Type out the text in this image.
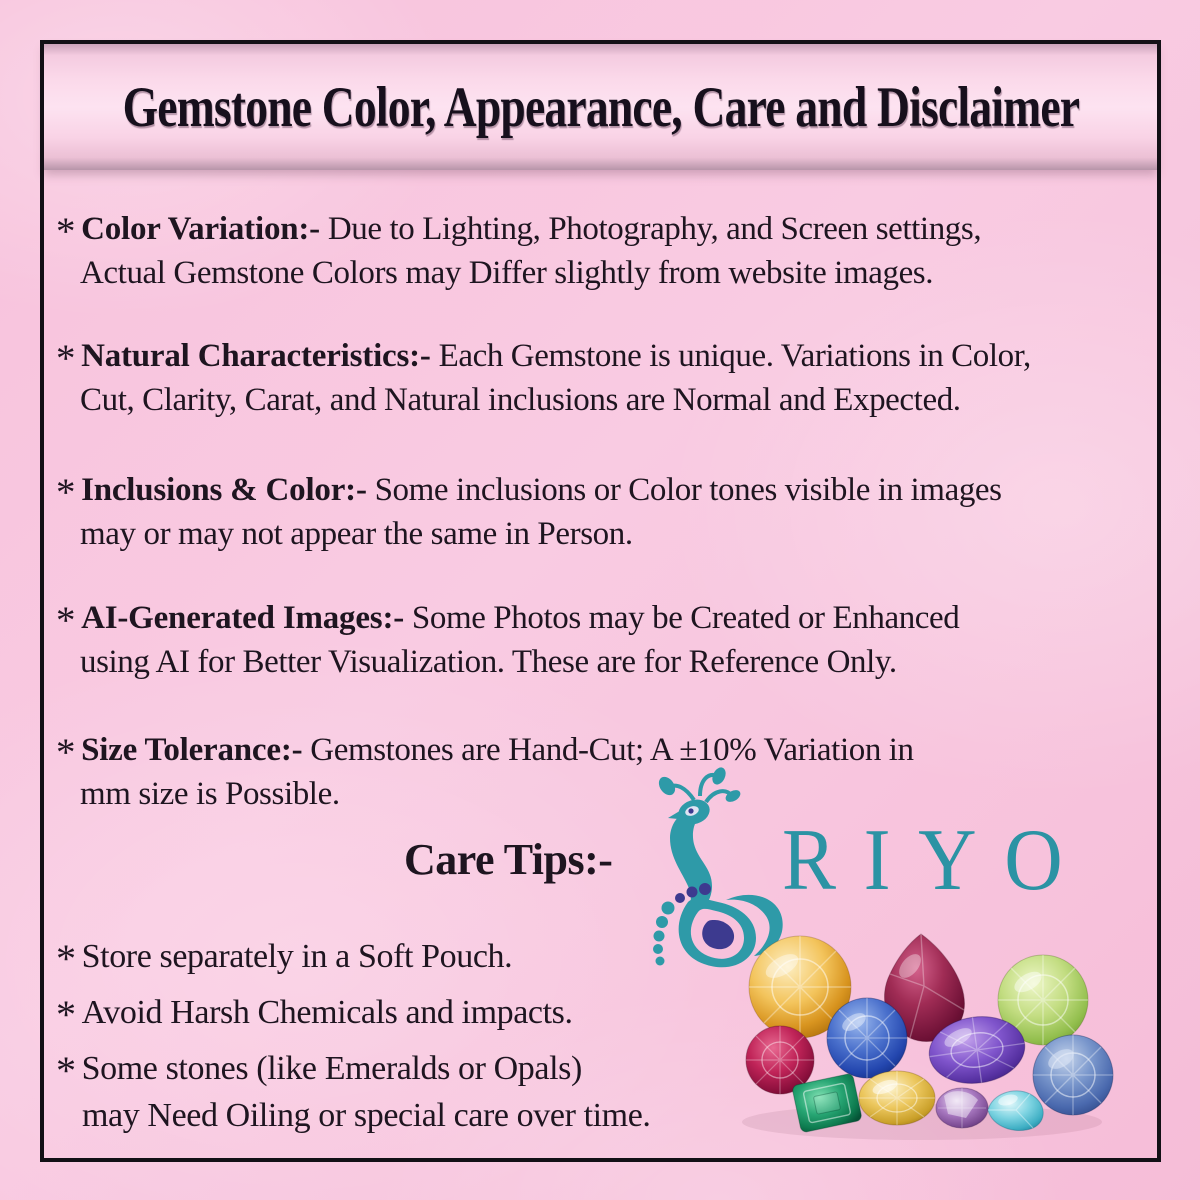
Gemstone Color, Appearance, Care and Disclaimer
* Color Variation:- Due to Lighting, Photography, and Screen settings,
Actual Gemstone Colors may Differ slightly from website images.
* Natural Characteristics:- Each Gemstone is unique. Variations in Color,
Cut, Clarity, Carat, and Natural inclusions are Normal and Expected.
* Inclusions & Color:- Some inclusions or Color tones visible in images
may or may not appear the same in Person.
* AI-Generated Images:- Some Photos may be Created or Enhanced
using AI for Better Visualization. These are for Reference Only.
* Size Tolerance:- Gemstones are Hand-Cut; A ±10% Variation in
mm size is Possible.
Care Tips:- RIYO
* Store separately in a Soft Pouch.
* Avoid Harsh Chemicals and impacts.
* Some stones (like Emeralds or Opals)
may Need Oiling or special care over time.
